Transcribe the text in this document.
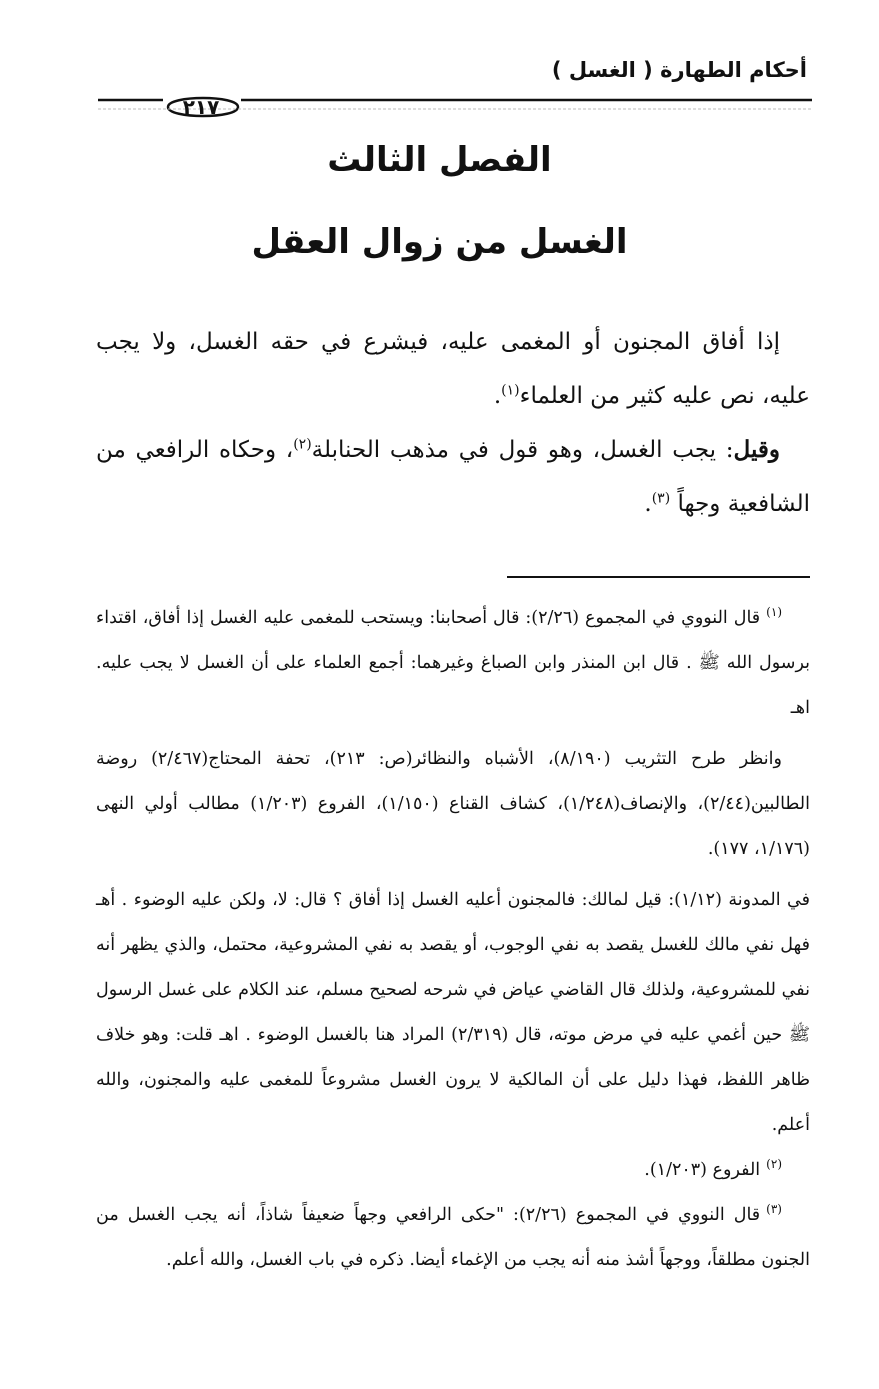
أحكام الطهارة ( الغسل )
٢١٧
الفصل الثالث
الغسل من زوال العقل

إذا أفاق المجنون أو المغمى عليه، فيشرع في حقه الغسل، ولا يجب عليه، نص عليه كثير من العلماء$^{(١)}$.

وقيل: يجب الغسل، وهو قول في مذهب الحنابلة$^{(٢)}$، وحكاه الرافعي من الشافعية وجهاً $^{(٣)}$.

$^{(١)}$قال النووي في المجموع (٢/٢٦): قال أصحابنا: ويستحب للمغمى عليه الغسل إذا أفاق، اقتداء برسول الله ﷺ . قال ابن المنذر وابن الصباغ وغيرهما: أجمع العلماء على أن الغسل لا يجب عليه. اهـ

وانظر طرح التثريب (٨/١٩٠)، الأشباه والنظائر(ص: ٢١٣)، تحفة المحتاج(٢/٤٦٧) روضة الطالبين(٢/٤٤)، والإنصاف(١/٢٤٨)، كشاف القناع (١/١٥٠)، الفروع (١/٢٠٣) مطالب أولي النهى (١/١٧٦، ١٧٧).

في المدونة (١/١٢): قيل لمالك: فالمجنون أعليه الغسل إذا أفاق ؟ قال: لا، ولكن عليه الوضوء . أهـ فهل نفي مالك للغسل يقصد به نفي الوجوب، أو يقصد به نفي المشروعية، محتمل، والذي يظهر أنه نفي للمشروعية، ولذلك قال القاضي عياض في شرحه لصحيح مسلم، عند الكلام على غسل الرسول ﷺ حين أغمي عليه في مرض موته، قال (٢/٣١٩) المراد هنا بالغسل الوضوء . اهـ قلت: وهو خلاف ظاهر اللفظ، فهذا دليل على أن المالكية لا يرون الغسل مشروعاً للمغمى عليه والمجنون، والله أعلم.

$^{(٢)}$الفروع (١/٢٠٣).

$^{(٣)}$قال النووي في المجموع (٢/٢٦): "حكى الرافعي وجهاً ضعيفاً شاذاً، أنه يجب الغسل من الجنون مطلقاً، ووجهاً أشذ منه أنه يجب من الإغماء أيضا. ذكره في باب الغسل، والله أعلم.
